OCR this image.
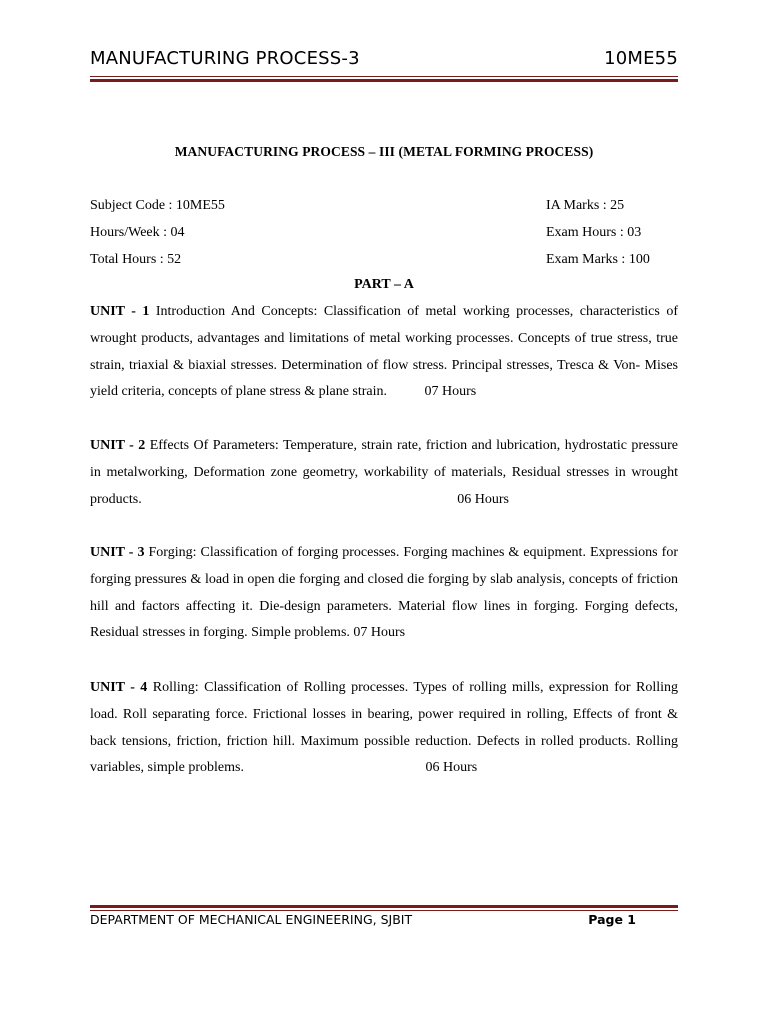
MANUFACTURING PROCESS-3	10ME55
MANUFACTURING PROCESS – III (METAL FORMING PROCESS)
Subject Code : 10ME55	IA Marks : 25
Hours/Week : 04	Exam Hours : 03
Total Hours : 52	Exam Marks : 100
PART – A
UNIT - 1 Introduction And Concepts: Classification of metal working processes, characteristics of wrought products, advantages and limitations of metal working processes. Concepts of true stress, true strain, triaxial & biaxial stresses. Determination of flow stress. Principal stresses, Tresca & Von- Mises yield criteria, concepts of plane stress & plane strain.	07 Hours
UNIT - 2 Effects Of Parameters: Temperature, strain rate, friction and lubrication, hydrostatic pressure in metalworking, Deformation zone geometry, workability of materials, Residual stresses in wrought products.	06 Hours
UNIT - 3 Forging: Classification of forging processes. Forging machines & equipment. Expressions for forging pressures & load in open die forging and closed die forging by slab analysis, concepts of friction hill and factors affecting it. Die-design parameters. Material flow lines in forging. Forging defects, Residual stresses in forging. Simple problems. 07 Hours
UNIT - 4 Rolling: Classification of Rolling processes. Types of rolling mills, expression for Rolling load. Roll separating force. Frictional losses in bearing, power required in rolling, Effects of front & back tensions, friction, friction hill. Maximum possible reduction. Defects in rolled products. Rolling variables, simple problems.	06 Hours
DEPARTMENT OF MECHANICAL ENGINEERING, SJBIT	Page 1
